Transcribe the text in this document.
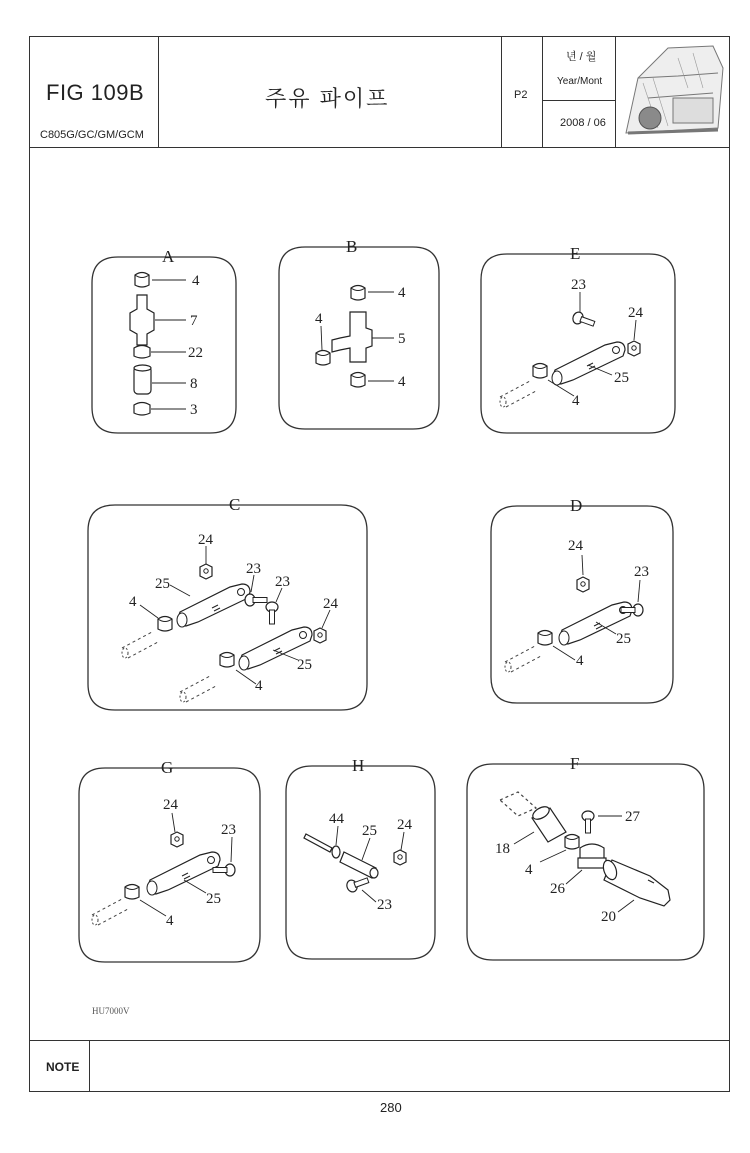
FIG 109B
C805G/GC/GM/GCM
주유 파이프	P2
년 / 월
Year/Mont
2008 / 06
A
B	E
C	D
G	H	F
4
7
22
8
3
4
4
5
4
23
24
25
4
24
23
25
4
23
24
25
4
24
23
25
4
24
23
25
4
44
25 24
23
27
18
4
26
20
HU7000V
NOTE
280
